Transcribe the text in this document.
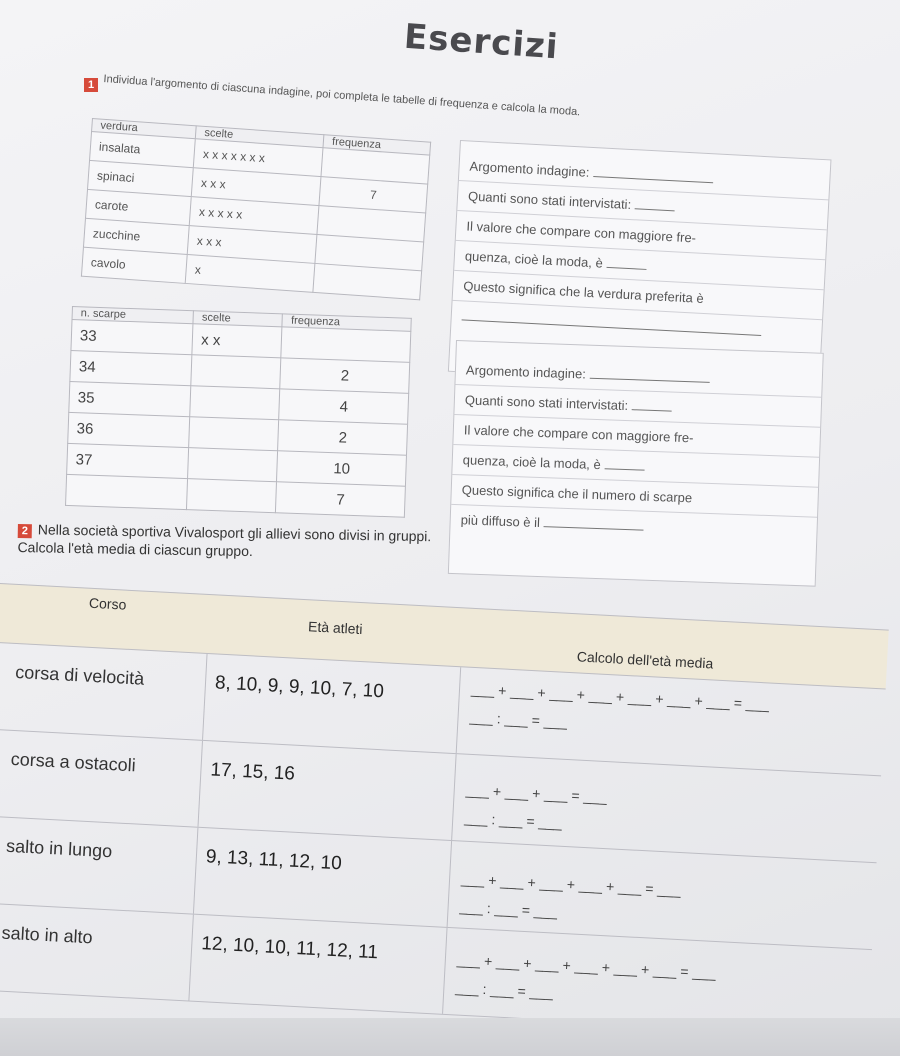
Esercizi
1 Individua l'argomento di ciascuna indagine, poi completa le tabelle di frequenza e calcola la moda.
verdura	scelte	frequenza
insalata	x x x x x x x	
spinaci	x x x	7
carote	x x x x x	
zucchine	x x x	
cavolo	x	
Argomento indagine:
Quanti sono stati intervistati:
Il valore che compare con maggiore fre-
quenza, cioè la moda, è
Questo significa che la verdura preferita è
n. scarpe	scelte	frequenza
33	x x	
34		2
35		4
36		2
37		10
		7
Argomento indagine:
Quanti sono stati intervistati:
Il valore che compare con maggiore fre-
quenza, cioè la moda, è
Questo significa che il numero di scarpe
più diffuso è il
2 Nella società sportiva Vivalosport gli allievi sono divisi in gruppi.
Calcola l'età media di ciascun gruppo.
Corso
Età atleti
Calcolo dell'età media
corsa di velocità	8, 10, 9, 9, 10, 7, 10	___ + ___ + ___ + ___ + ___ + ___ + ___ = ___
___ : ___ = ___
corsa a ostacoli	17, 15, 16
___ + ___ + ___ = ___
___ : ___ = ___
salto in lungo	9, 13, 11, 12, 10
___ + ___ + ___ + ___ + ___ = ___
___ : ___ = ___
salto in alto	12, 10, 10, 11, 12, 11
___ + ___ + ___ + ___ + ___ + ___ = ___
___ : ___ = ___
